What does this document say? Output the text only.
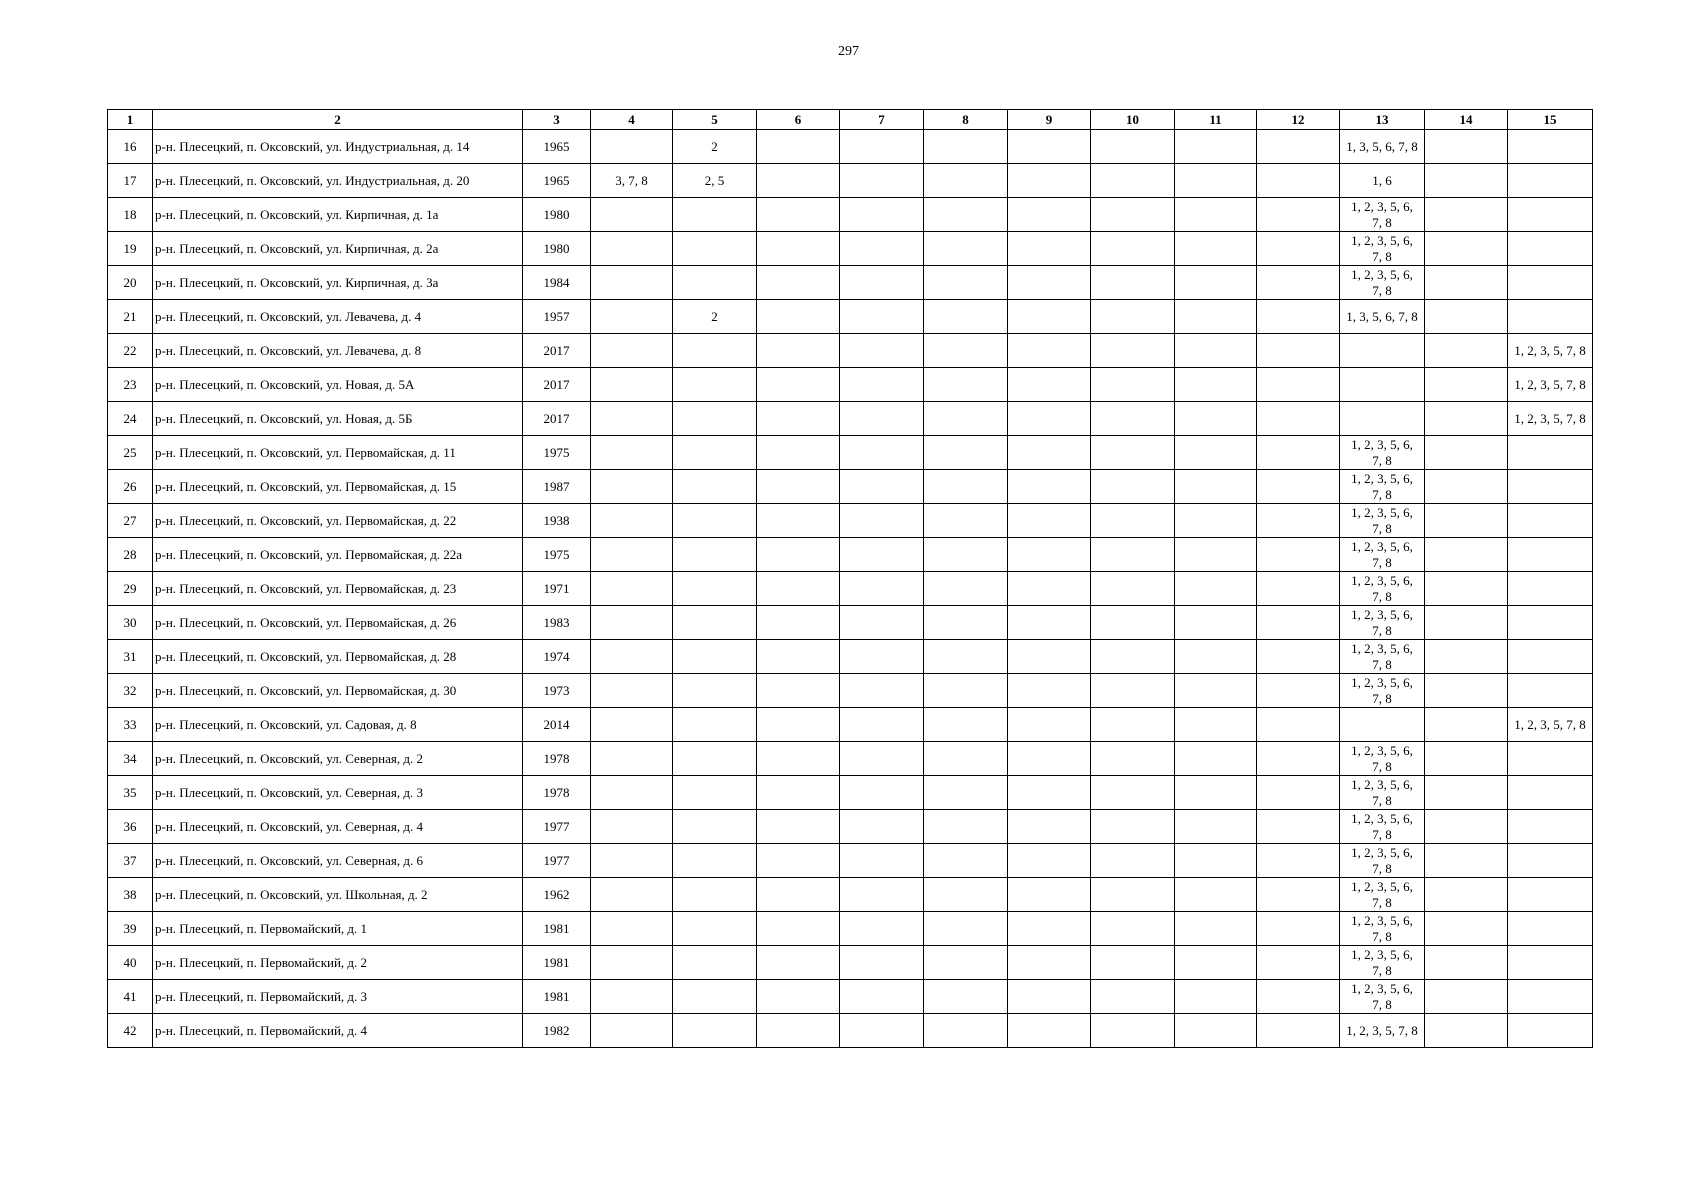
297
1	2	3	4	5	6	7	8	9	10	11	12	13	14	15
16	р-н. Плесецкий, п. Оксовский, ул. Индустриальная, д. 14	1965		2								1, 3, 5, 6, 7, 8		
17	р-н. Плесецкий, п. Оксовский, ул. Индустриальная, д. 20	1965	3, 7, 8	2, 5								1, 6		
18	р-н. Плесецкий, п. Оксовский, ул. Кирпичная, д. 1а	1980										1, 2, 3, 5, 6, 7, 8		
19	р-н. Плесецкий, п. Оксовский, ул. Кирпичная, д. 2а	1980										1, 2, 3, 5, 6, 7, 8		
20	р-н. Плесецкий, п. Оксовский, ул. Кирпичная, д. 3а	1984										1, 2, 3, 5, 6, 7, 8		
21	р-н. Плесецкий, п. Оксовский, ул. Левачева, д. 4	1957		2								1, 3, 5, 6, 7, 8		
22	р-н. Плесецкий, п. Оксовский, ул. Левачева, д. 8	2017												1, 2, 3, 5, 7, 8
23	р-н. Плесецкий, п. Оксовский, ул. Новая, д. 5А	2017												1, 2, 3, 5, 7, 8
24	р-н. Плесецкий, п. Оксовский, ул. Новая, д. 5Б	2017												1, 2, 3, 5, 7, 8
25	р-н. Плесецкий, п. Оксовский, ул. Первомайская, д. 11	1975										1, 2, 3, 5, 6, 7, 8		
26	р-н. Плесецкий, п. Оксовский, ул. Первомайская, д. 15	1987										1, 2, 3, 5, 6, 7, 8		
27	р-н. Плесецкий, п. Оксовский, ул. Первомайская, д. 22	1938										1, 2, 3, 5, 6, 7, 8		
28	р-н. Плесецкий, п. Оксовский, ул. Первомайская, д. 22а	1975										1, 2, 3, 5, 6, 7, 8		
29	р-н. Плесецкий, п. Оксовский, ул. Первомайская, д. 23	1971										1, 2, 3, 5, 6, 7, 8		
30	р-н. Плесецкий, п. Оксовский, ул. Первомайская, д. 26	1983										1, 2, 3, 5, 6, 7, 8		
31	р-н. Плесецкий, п. Оксовский, ул. Первомайская, д. 28	1974										1, 2, 3, 5, 6, 7, 8		
32	р-н. Плесецкий, п. Оксовский, ул. Первомайская, д. 30	1973										1, 2, 3, 5, 6, 7, 8		
33	р-н. Плесецкий, п. Оксовский, ул. Садовая, д. 8	2014												1, 2, 3, 5, 7, 8
34	р-н. Плесецкий, п. Оксовский, ул. Северная, д. 2	1978										1, 2, 3, 5, 6, 7, 8		
35	р-н. Плесецкий, п. Оксовский, ул. Северная, д. 3	1978										1, 2, 3, 5, 6, 7, 8		
36	р-н. Плесецкий, п. Оксовский, ул. Северная, д. 4	1977										1, 2, 3, 5, 6, 7, 8		
37	р-н. Плесецкий, п. Оксовский, ул. Северная, д. 6	1977										1, 2, 3, 5, 6, 7, 8		
38	р-н. Плесецкий, п. Оксовский, ул. Школьная, д. 2	1962										1, 2, 3, 5, 6, 7, 8		
39	р-н. Плесецкий, п. Первомайский, д. 1	1981										1, 2, 3, 5, 6, 7, 8		
40	р-н. Плесецкий, п. Первомайский, д. 2	1981										1, 2, 3, 5, 6, 7, 8		
41	р-н. Плесецкий, п. Первомайский, д. 3	1981										1, 2, 3, 5, 6, 7, 8		
42	р-н. Плесецкий, п. Первомайский, д. 4	1982										1, 2, 3, 5, 7, 8		
